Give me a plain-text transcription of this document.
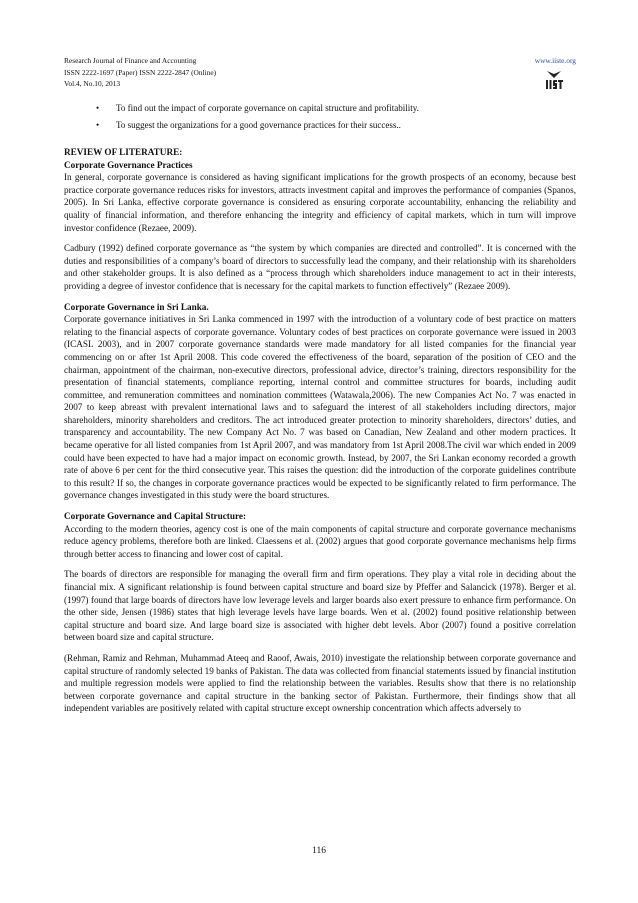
Research Journal of Finance and Accounting
ISSN 2222-1697 (Paper) ISSN 2222-2847 (Online)
Vol.4, No.10, 2013
www.iiste.org
• To find out the impact of corporate governance on capital structure and profitability.
• To suggest the organizations for a good governance practices for their success..
REVIEW OF LITERATURE:
Corporate Governance Practices

In general, corporate governance is considered as having significant implications for the growth prospects of an economy, because best practice corporate governance reduces risks for investors, attracts investment capital and improves the performance of companies (Spanos, 2005). In Sri Lanka, effective corporate governance is considered as ensuring corporate accountability, enhancing the reliability and quality of financial information, and therefore enhancing the integrity and efficiency of capital markets, which in turn will improve investor confidence (Rezaee, 2009).

Cadbury (1992) defined corporate governance as “the system by which companies are directed and controlled”. It is concerned with the duties and responsibilities of a company’s board of directors to successfully lead the company, and their relationship with its shareholders and other stakeholder groups. It is also defined as a “process through which shareholders induce management to act in their interests, providing a degree of investor confidence that is necessary for the capital markets to function effectively” (Rezaee 2009).

Corporate Governance in Sri Lanka.

Corporate governance initiatives in Sri Lanka commenced in 1997 with the introduction of a voluntary code of best practice on matters relating to the financial aspects of corporate governance. Voluntary codes of best practices on corporate governance were issued in 2003 (ICASL 2003), and in 2007 corporate governance standards were made mandatory for all listed companies for the financial year commencing on or after 1st April 2008. This code covered the effectiveness of the board, separation of the position of CEO and the chairman, appointment of the chairman, non-executive directors, professional advice, director’s training, directors responsibility for the presentation of financial statements, compliance reporting, internal control and committee structures for boards, including audit committee, and remuneration committees and nomination committees (Watawala,2006). The new Companies Act No. 7 was enacted in 2007 to keep abreast with prevalent international laws and to safeguard the interest of all stakeholders including directors, major shareholders, minority shareholders and creditors. The act introduced greater protection to minority shareholders, directors’ duties, and transparency and accountability. The new Company Act No. 7 was based on Canadian, New Zealand and other modern practices. It became operative for all listed companies from 1st April 2007, and was mandatory from 1st April 2008.The civil war which ended in 2009 could have been expected to have had a major impact on economic growth. Instead, by 2007, the Sri Lankan economy recorded a growth rate of above 6 per cent for the third consecutive year. This raises the question: did the introduction of the corporate guidelines contribute to this result? If so, the changes in corporate governance practices would be expected to be significantly related to firm performance. The governance changes investigated in this study were the board structures.

Corporate Governance and Capital Structure:

According to the modern theories, agency cost is one of the main components of capital structure and corporate governance mechanisms reduce agency problems, therefore both are linked. Claessens et al. (2002) argues that good corporate governance mechanisms help firms through better access to financing and lower cost of capital.

The boards of directors are responsible for managing the overall firm and firm operations. They play a vital role in deciding about the financial mix. A significant relationship is found between capital structure and board size by Pfeffer and Salancick (1978). Berger et al. (1997) found that large boards of directors have low leverage levels and larger boards also exert pressure to enhance firm performance. On the other side, Jensen (1986) states that high leverage levels have large boards. Wen et al. (2002) found positive relationship between capital structure and board size. And large board size is associated with higher debt levels. Abor (2007) found a positive correlation between board size and capital structure.

(Rehman, Ramiz and Rehman, Muhammad Ateeq and Raoof, Awais, 2010) investigate the relationship between corporate governance and capital structure of randomly selected 19 banks of Pakistan. The data was collected from financial statements issued by financial institution and multiple regression models were applied to find the relationship between the variables. Results show that there is no relationship between corporate governance and capital structure in the banking sector of Pakistan. Furthermore, their findings show that all independent variables are positively related with capital structure except ownership concentration which affects adversely to

116
